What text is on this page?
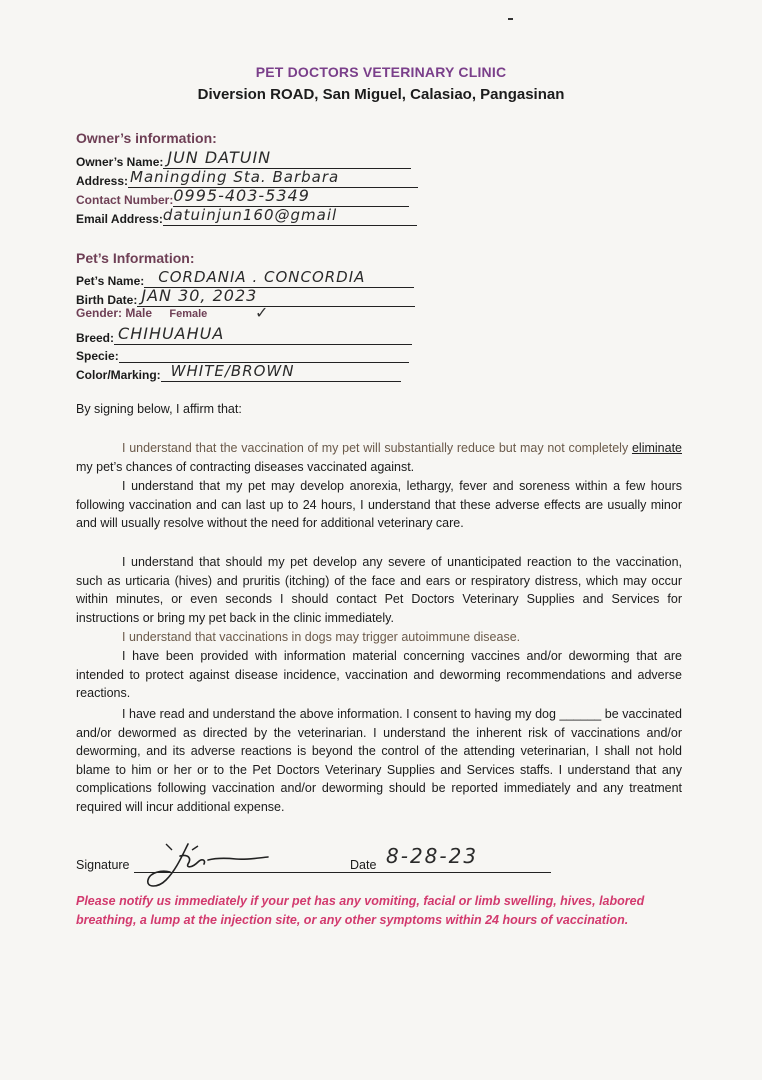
PET DOCTORS VETERINARY CLINIC
Diversion ROAD, San Miguel, Calasiao, Pangasinan
Owner’s information:
Owner’s Name: JUN DATUIN
Address: Maningding Sta. Barbara
Contact Number: 0995-403-5349
Email Address: datuinjun160@gmail
Pet’s Information:
Pet’s Name: CORDANIA . CONCORDIA
Birth Date: JAN 30, 2023
Gender: Male Female	✓
Breed: CHIHUAHUA
Specie:
Color/Marking: WHITE/BROWN
By signing below, I affirm that:
I understand that the vaccination of my pet will substantially reduce but may not completely eliminate my pet’s chances of contracting diseases vaccinated against.
I understand that my pet may develop anorexia, lethargy, fever and soreness within a few hours following vaccination and can last up to 24 hours, I understand that these adverse effects are usually minor and will usually resolve without the need for additional veterinary care.
I understand that should my pet develop any severe of unanticipated reaction to the vaccination, such as urticaria (hives) and pruritis (itching) of the face and ears or respiratory distress, which may occur within minutes, or even seconds I should contact Pet Doctors Veterinary Supplies and Services for instructions or bring my pet back in the clinic immediately.
I understand that vaccinations in dogs may trigger autoimmune disease.
I have been provided with information material concerning vaccines and/or deworming that are intended to protect against disease incidence, vaccination and deworming recommendations and adverse reactions.
I have read and understand the above information. I consent to having my dog ______ be vaccinated and/or dewormed as directed by the veterinarian. I understand the inherent risk of vaccinations and/or deworming, and its adverse reactions is beyond the control of the attending veterinarian, I shall not hold blame to him or her or to the Pet Doctors Veterinary Supplies and Services staffs. I understand that any complications following vaccination and/or deworming should be reported immediately and any treatment required will incur additional expense.
Signature	Date 8-28-23
Please notify us immediately if your pet has any vomiting, facial or limb swelling, hives, labored breathing, a lump at the injection site, or any other symptoms within 24 hours of vaccination.
